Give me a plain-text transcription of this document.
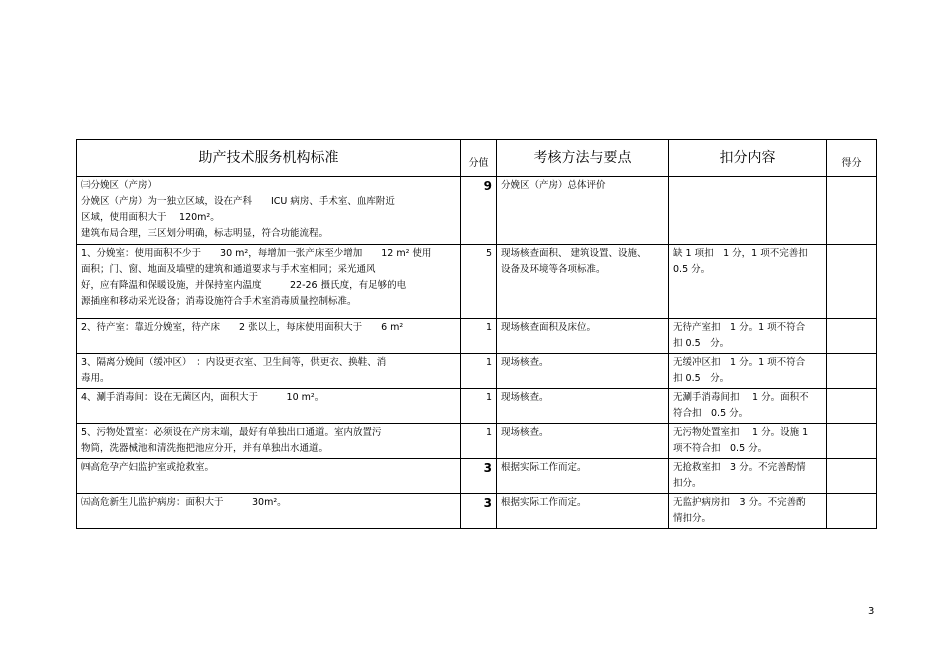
助产技术服务机构标准	分值	考核方法与要点	扣分内容	得分

㈢分娩区（产房）
分娩区（产房）为一独立区域，设在产科　　ICU 病房、手术室、血库附近
区域，使用面积大于　 120m²。
建筑布局合理，三区划分明确，标志明显，符合功能流程。	9	分娩区（产房）总体评价		

1、分娩室：使用面积不少于　　30 m²，每增加一张产床至少增加　　12 m² 使用
面积；门、窗、地面及墙壁的建筑和通道要求与手术室相同；采光通风
好，应有降温和保暖设施，并保持室内温度　　　22-26 摄氏度，有足够的电
源插座和移动采光设备；消毒设施符合手术室消毒质量控制标准。	5	现场核查面积、 建筑设置、设施、
设备及环境等各项标准。	缺 1 项扣　1 分，1 项不完善扣
0.5 分。	

2、待产室：靠近分娩室，待产床　　2 张以上，每床使用面积大于　　6 m²	1	现场核查面积及床位。	无待产室扣　1 分。1 项不符合
扣 0.5　分。	

3、隔离分娩间（缓冲区）　：内设更衣室、卫生间等，供更衣、换鞋、消
毒用。	1	现场核查。	无缓冲区扣　1 分。1 项不符合
扣 0.5　分。	

4、涮手消毒间：设在无菌区内，面积大于　　　10 m²。	1	现场核查。	无涮手消毒间扣　 1 分。面积不
符合扣　0.5 分。	

5、污物处置室：必须设在产房末端，最好有单独出口通道。室内放置污
物筒，洗器械池和清洗拖把池应分开，并有单独出水通道。	1	现场核查。	无污物处置室扣　 1 分。设施 1
项不符合扣　0.5 分。	

㈣高危孕产妇监护室或抢救室。	3	根据实际工作而定。	无抢救室扣　3 分。不完善酌情
扣分。	

㈤高危新生儿监护病房：面积大于　　　30m²。	3	根据实际工作而定。	无监护病房扣　3 分。不完善酌
情扣分。	

3
